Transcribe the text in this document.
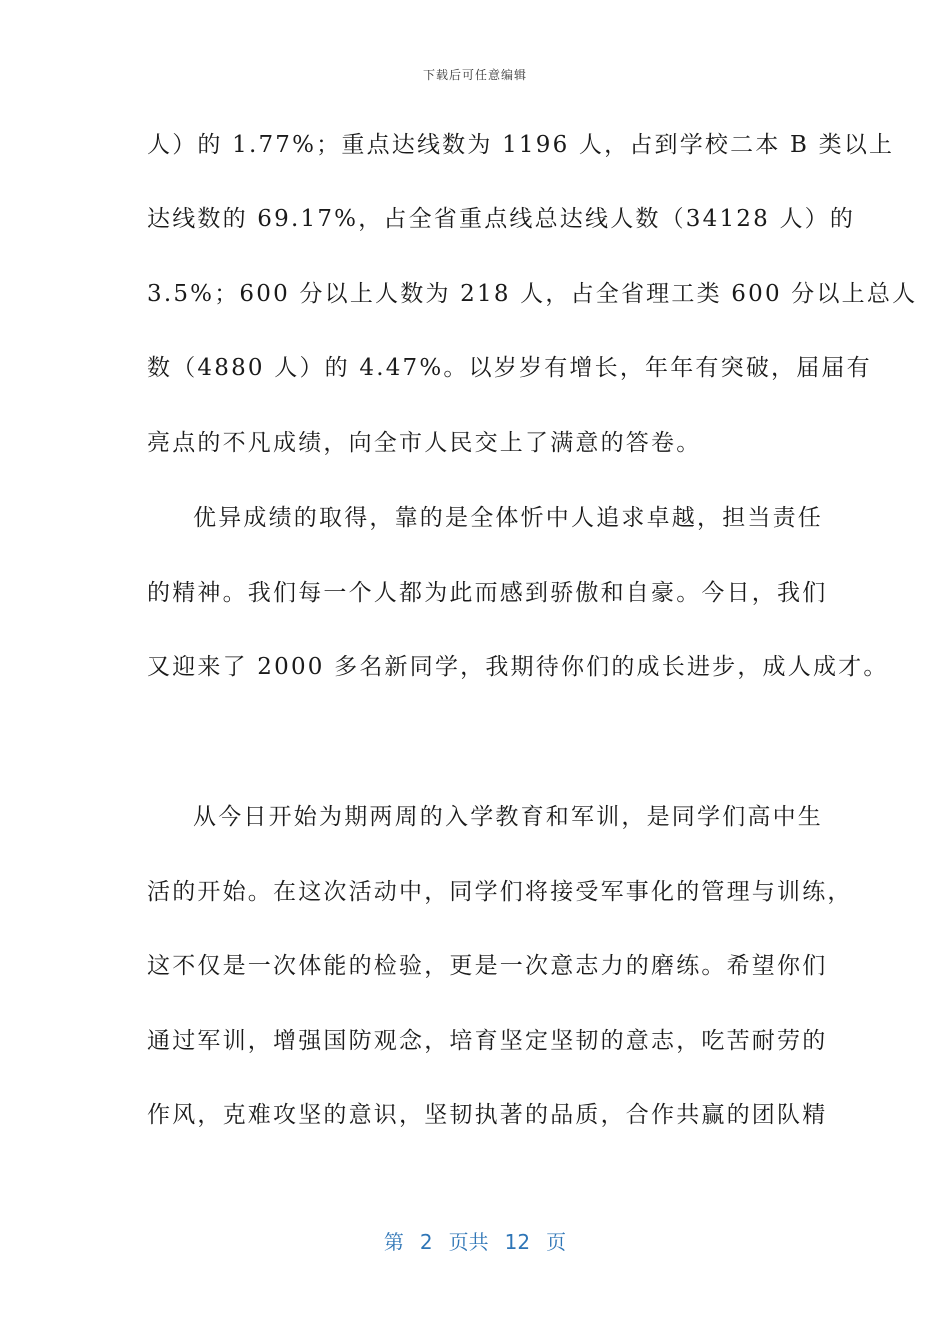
下载后可任意编辑
人）的 1.77%；重点达线数为 1196 人，占到学校二本 B 类以上
达线数的 69.17%，占全省重点线总达线人数（34128 人）的
3.5%；600 分以上人数为 218 人，占全省理工类 600 分以上总人
数（4880 人）的 4.47%。以岁岁有增长，年年有突破，届届有
亮点的不凡成绩，向全市人民交上了满意的答卷。
优异成绩的取得，靠的是全体忻中人追求卓越，担当责任
的精神。我们每一个人都为此而感到骄傲和自豪。今日，我们
又迎来了 2000 多名新同学，我期待你们的成长进步，成人成才。
从今日开始为期两周的入学教育和军训，是同学们高中生
活的开始。在这次活动中，同学们将接受军事化的管理与训练，
这不仅是一次体能的检验，更是一次意志力的磨练。希望你们
通过军训，增强国防观念，培育坚定坚韧的意志，吃苦耐劳的
作风，克难攻坚的意识，坚韧执著的品质，合作共赢的团队精
第 2 页共 12 页
